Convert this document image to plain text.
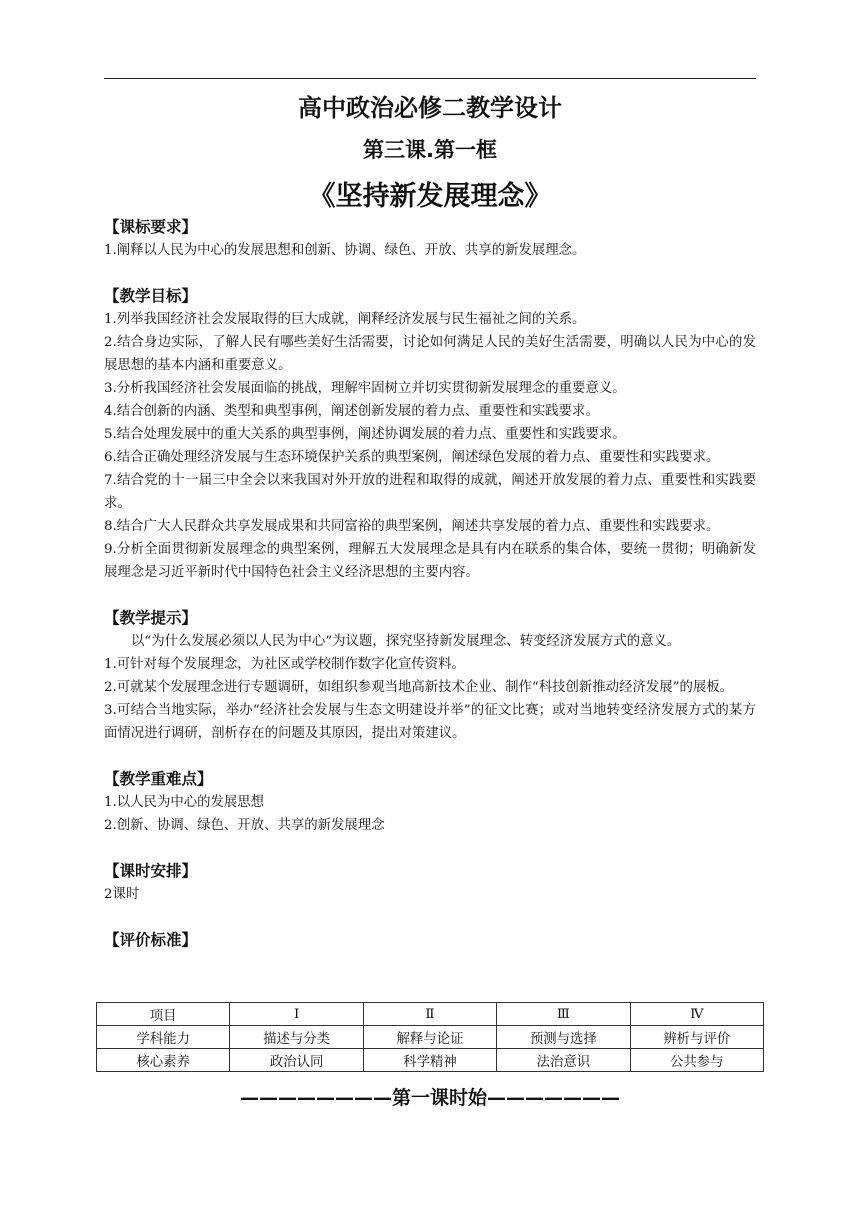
高中政治必修二教学设计
第三课.第一框
《坚持新发展理念》
【课标要求】
1.阐释以人民为中心的发展思想和创新、协调、绿色、开放、共享的新发展理念。
【教学目标】
1.列举我国经济社会发展取得的巨大成就，阐释经济发展与民生福祉之间的关系。
2.结合身边实际，了解人民有哪些美好生活需要，讨论如何满足人民的美好生活需要，明确以人民为中心的发展思想的基本内涵和重要意义。
3.分析我国经济社会发展面临的挑战，理解牢固树立并切实贯彻新发展理念的重要意义。
4.结合创新的内涵、类型和典型事例，阐述创新发展的着力点、重要性和实践要求。
5.结合处理发展中的重大关系的典型事例，阐述协调发展的着力点、重要性和实践要求。
6.结合正确处理经济发展与生态环境保护关系的典型案例，阐述绿色发展的着力点、重要性和实践要求。
7.结合党的十一届三中全会以来我国对外开放的进程和取得的成就，阐述开放发展的着力点、重要性和实践要求。
8.结合广大人民群众共享发展成果和共同富裕的典型案例，阐述共享发展的着力点、重要性和实践要求。
9.分析全面贯彻新发展理念的典型案例，理解五大发展理念是具有内在联系的集合体，要统一贯彻；明确新发展理念是习近平新时代中国特色社会主义经济思想的主要内容。
【教学提示】
以“为什么发展必须以人民为中心”为议题，探究坚持新发展理念、转变经济发展方式的意义。
1.可针对每个发展理念，为社区或学校制作数字化宣传资料。
2.可就某个发展理念进行专题调研，如组织参观当地高新技术企业、制作“科技创新推动经济发展”的展板。
3.可结合当地实际，举办“经济社会发展与生态文明建设并举”的征文比赛；或对当地转变经济发展方式的某方面情况进行调研，剖析存在的问题及其原因，提出对策建议。
【教学重难点】
1.以人民为中心的发展思想
2.创新、协调、绿色、开放、共享的新发展理念
【课时安排】
2课时
【评价标准】
项目	Ⅰ	Ⅱ	Ⅲ	Ⅳ
学科能力	描述与分类	解释与论证	预测与选择	辨析与评价
核心素养	政治认同	科学精神	法治意识	公共参与
————————第一课时始———————
